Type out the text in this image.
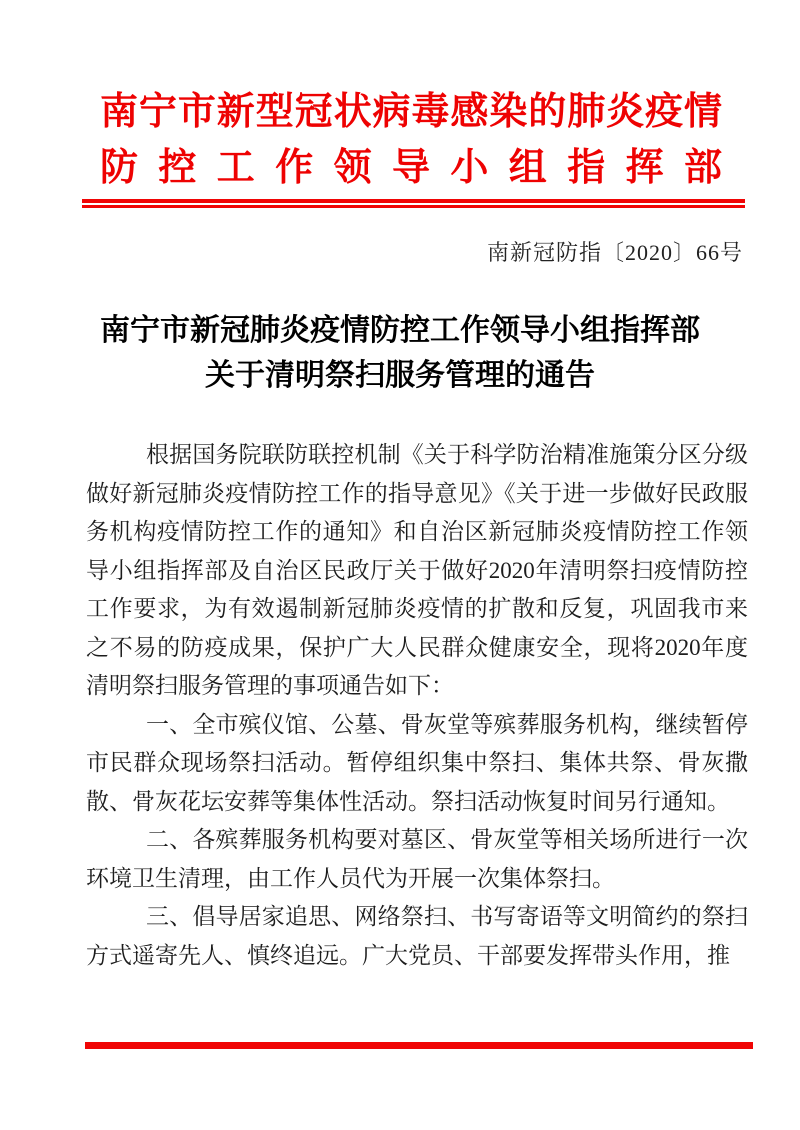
南宁市新型冠状病毒感染的肺炎疫情
防控工作领导小组指挥部
南新冠防指〔2020〕66号
南宁市新冠肺炎疫情防控工作领导小组指挥部
关于清明祭扫服务管理的通告

根据国务院联防联控机制《关于科学防治精准施策分区分级做好新冠肺炎疫情防控工作的指导意见》《关于进一步做好民政服务机构疫情防控工作的通知》和自治区新冠肺炎疫情防控工作领导小组指挥部及自治区民政厅关于做好2020年清明祭扫疫情防控工作要求，为有效遏制新冠肺炎疫情的扩散和反复，巩固我市来之不易的防疫成果，保护广大人民群众健康安全，现将2020年度清明祭扫服务管理的事项通告如下：

一、全市殡仪馆、公墓、骨灰堂等殡葬服务机构，继续暂停市民群众现场祭扫活动。暂停组织集中祭扫、集体共祭、骨灰撒散、骨灰花坛安葬等集体性活动。祭扫活动恢复时间另行通知。

二、各殡葬服务机构要对墓区、骨灰堂等相关场所进行一次环境卫生清理，由工作人员代为开展一次集体祭扫。

三、倡导居家追思、网络祭扫、书写寄语等文明简约的祭扫方式遥寄先人、慎终追远。广大党员、干部要发挥带头作用，推
